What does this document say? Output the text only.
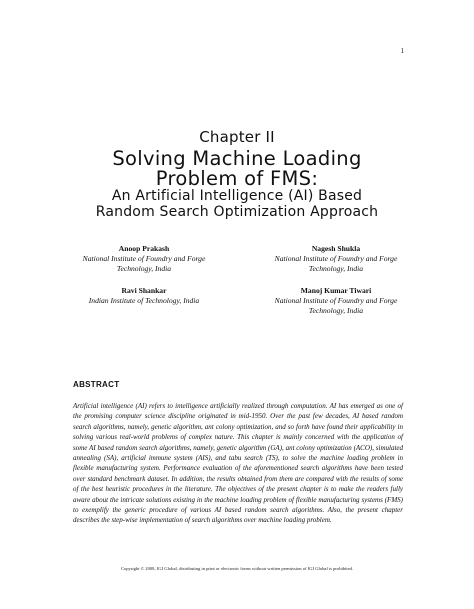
1
Chapter II
Solving Machine Loading
Problem of FMS:
An Artificial Intelligence (AI) Based
Random Search Optimization Approach
Anoop Prakash
National Institute of Foundry and Forge
Technology, India
Nagesh Shukla
National Institute of Foundry and Forge
Technology, India
Ravi Shankar
Indian Institute of Technology, India
Manoj Kumar Tiwari
National Institute of Foundry and Forge
Technology, India
ABSTRACT
Artificial intelligence (AI) refers to intelligence artificially realized through computation. AI has emerged as one of the promising computer science discipline originated in mid-1950. Over the past few decades, AI based random search algorithms, namely, genetic algorithm, ant colony optimization, and so forth have found their applicability in solving various real-world problems of complex nature. This chapter is mainly concerned with the application of some AI based random search algorithms, namely, genetic algorithm (GA), ant colony optimization (ACO), simulated annealing (SA), artificial immune system (AIS), and tabu search (TS), to solve the machine loading problem in flexible manufacturing system. Performance evaluation of the aforementioned search algorithms have been tested over standard benchmark dataset. In addition, the results obtained from them are compared with the results of some of the best heuristic procedures in the literature. The objectives of the present chapter is to make the readers fully aware about the intricate solutions existing in the machine loading problem of flexible manufacturing systems (FMS) to exemplify the generic procedure of various AI based random search algorithms. Also, the present chapter describes the step-wise implementation of search algorithms over machine loading problem.
Copyright © 2008, IGI Global, distributing in print or electronic forms without written permission of IGI Global is prohibited.
